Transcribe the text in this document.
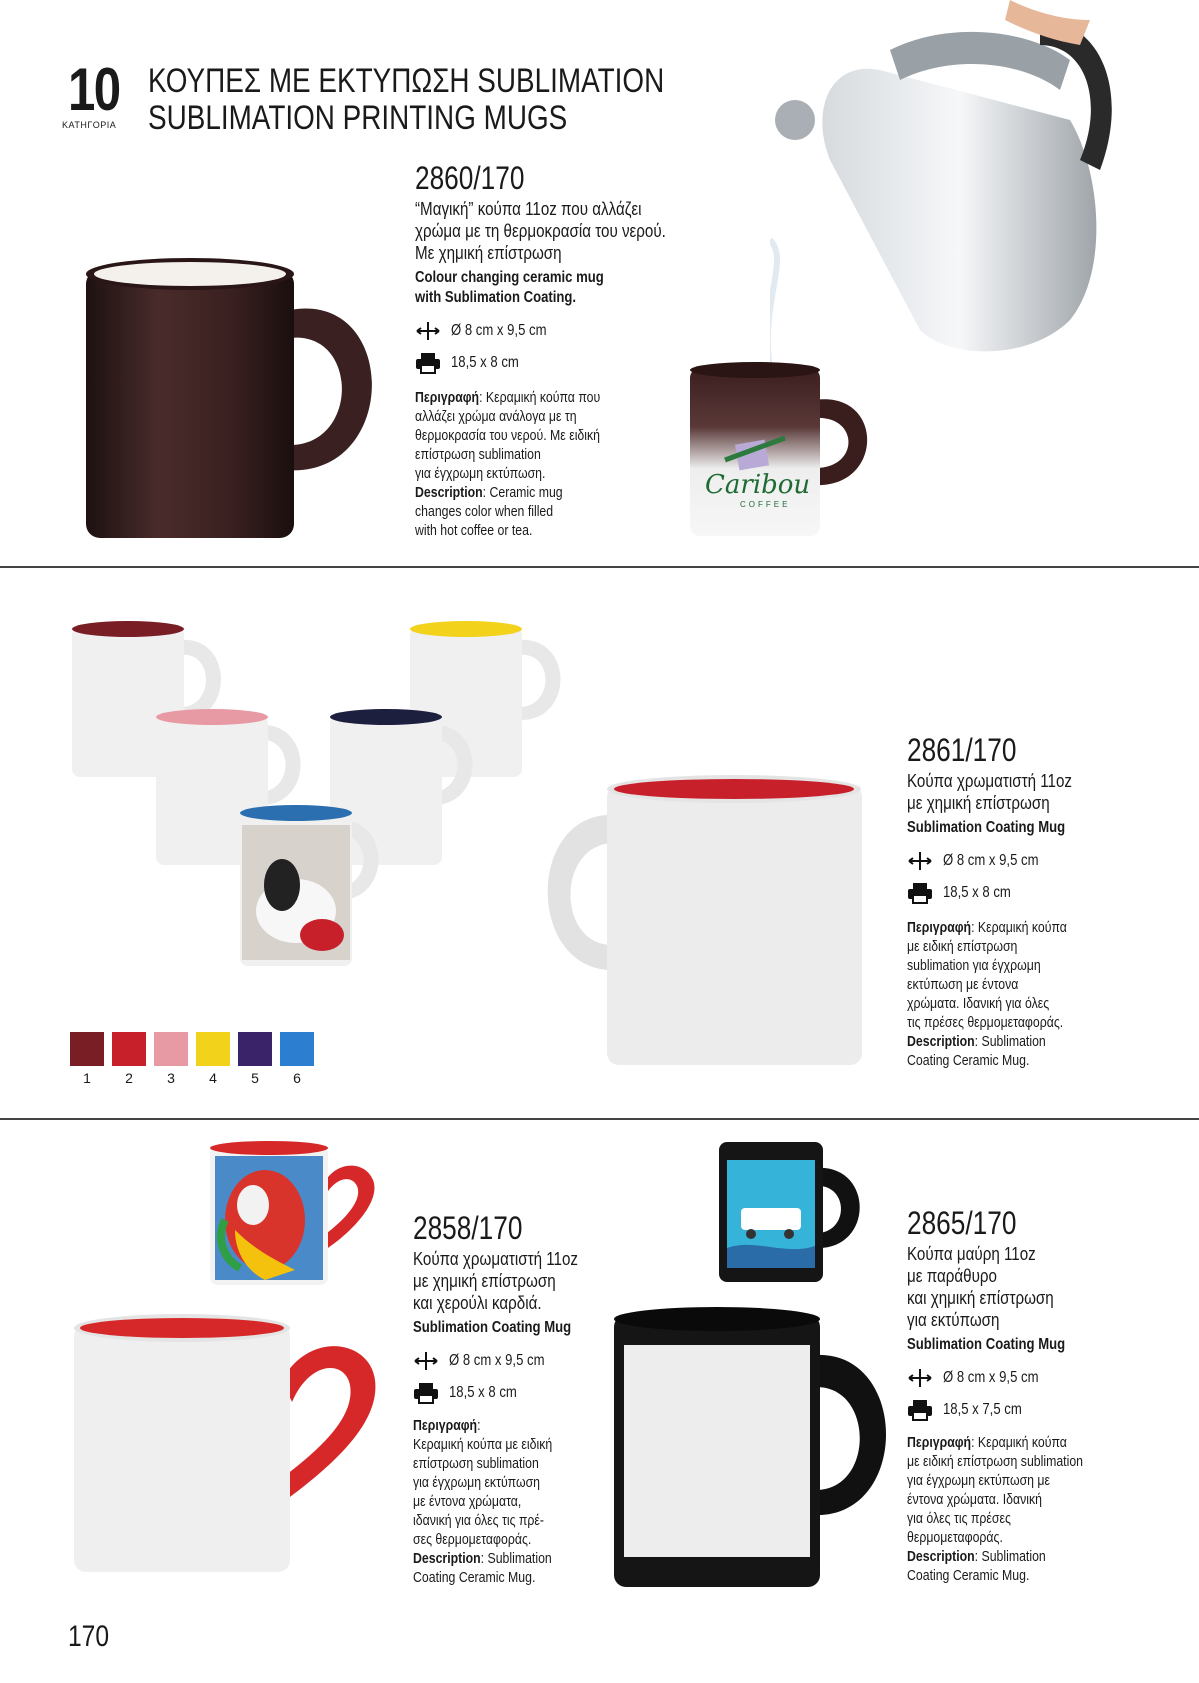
10
ΚΑΤΗΓΟΡΙΑ
ΚΟΥΠΕΣ ΜΕ ΕΚΤΥΠΩΣΗ SUBLIMATION
SUBLIMATION PRINTING MUGS
Caribou
COFFEE
2860/170
“Μαγική” κούπα 11oz που αλλάζει
χρώμα με τη θερμοκρασία του νερού.
Με χημική επίστρωση
Colour changing ceramic mug
with Sublimation Coating.
Ø 8 cm x 9,5 cm
18,5 x 8 cm
Περιγραφή: Κεραμική κούπα που
αλλάζει χρώμα ανάλογα με τη
θερμοκρασία του νερού. Με ειδική
επίστρωση sublimation
για έγχρωμη εκτύπωση.
Description: Ceramic mug
changes color when filled
with hot coffee or tea.
1	2	3	4	5	6
2861/170
Κούπα χρωματιστή 11oz
με χημική επίστρωση
Sublimation Coating Mug
Ø 8 cm x 9,5 cm
18,5 x 8 cm
Περιγραφή: Κεραμική κούπα
με ειδική επίστρωση
sublimation για έγχρωμη
εκτύπωση με έντονα
χρώματα. Ιδανική για όλες
τις πρέσες θερμομεταφοράς.
Description: Sublimation
Coating Ceramic Mug.
2858/170
Κούπα χρωματιστή 11oz
με χημική επίστρωση
και χερούλι καρδιά.
Sublimation Coating Mug
Ø 8 cm x 9,5 cm
18,5 x 8 cm
Περιγραφή:
Κεραμική κούπα με ειδική
επίστρωση sublimation
για έγχρωμη εκτύπωση
με έντονα χρώματα,
ιδανική για όλες τις πρέ-
σες θερμομεταφοράς.
Description: Sublimation
Coating Ceramic Mug.
2865/170
Κούπα μαύρη 11oz
με παράθυρο
και χημική επίστρωση
για εκτύπωση
Sublimation Coating Mug
Ø 8 cm x 9,5 cm
18,5 x 7,5 cm
Περιγραφή: Κεραμική κούπα
με ειδική επίστρωση sublimation
για έγχρωμη εκτύπωση με
έντονα χρώματα. Ιδανική
για όλες τις πρέσες
θερμομεταφοράς.
Description: Sublimation
Coating Ceramic Mug.
170
